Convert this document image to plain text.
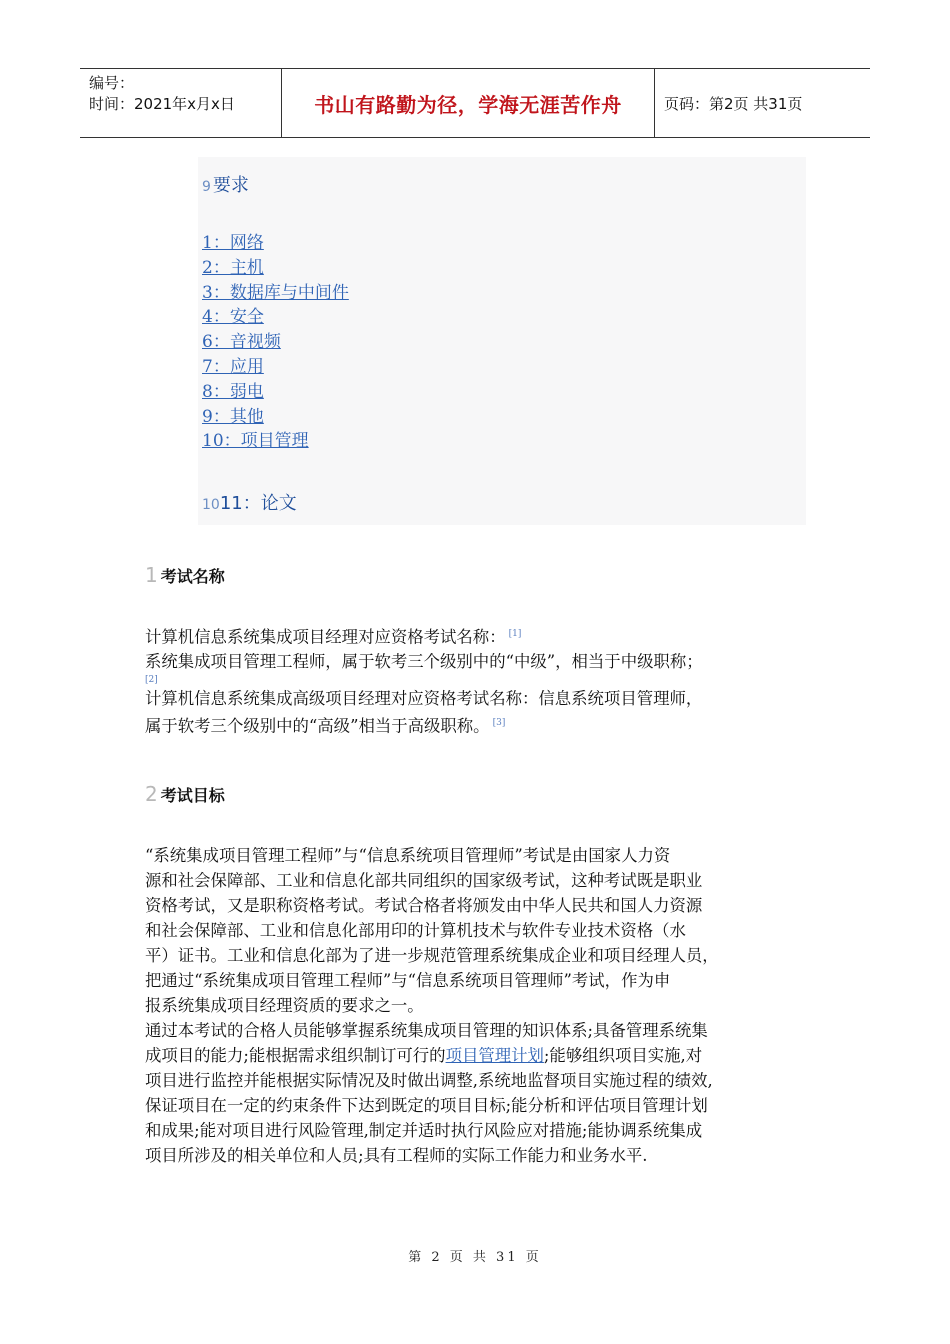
编号：
时间：2021年x月x日	书山有路勤为径，学海无涯苦作舟	页码：第2页 共31页
9 要求
1：网络
2：主机
3：数据库与中间件
4：安全
6：音视频
7：应用
8：弱电
9：其他
10：项目管理
1011：论文
1 考试名称
计算机信息系统集成项目经理对应资格考试名称： [1]
系统集成项目管理工程师，属于软考三个级别中的“中级”，相当于中级职称；
[2]
计算机信息系统集成高级项目经理对应资格考试名称：信息系统项目管理师，
属于软考三个级别中的“高级”相当于高级职称。 [3]
2 考试目标
“系统集成项目管理工程师”与“信息系统项目管理师”考试是由国家人力资
源和社会保障部、工业和信息化部共同组织的国家级考试，这种考试既是职业
资格考试，又是职称资格考试。考试合格者将颁发由中华人民共和国人力资源
和社会保障部、工业和信息化部用印的计算机技术与软件专业技术资格（水
平）证书。工业和信息化部为了进一步规范管理系统集成企业和项目经理人员，
把通过“系统集成项目管理工程师”与“信息系统项目管理师”考试，作为申
报系统集成项目经理资质的要求之一。
通过本考试的合格人员能够掌握系统集成项目管理的知识体系;具备管理系统集
成项目的能力;能根据需求组织制订可行的项目管理计划;能够组织项目实施,对
项目进行监控并能根据实际情况及时做出调整,系统地监督项目实施过程的绩效,
保证项目在一定的约束条件下达到既定的项目目标;能分析和评估项目管理计划
和成果;能对项目进行风险管理,制定并适时执行风险应对措施;能协调系统集成
项目所涉及的相关单位和人员;具有工程师的实际工作能力和业务水平.
第 2 页 共 31 页
